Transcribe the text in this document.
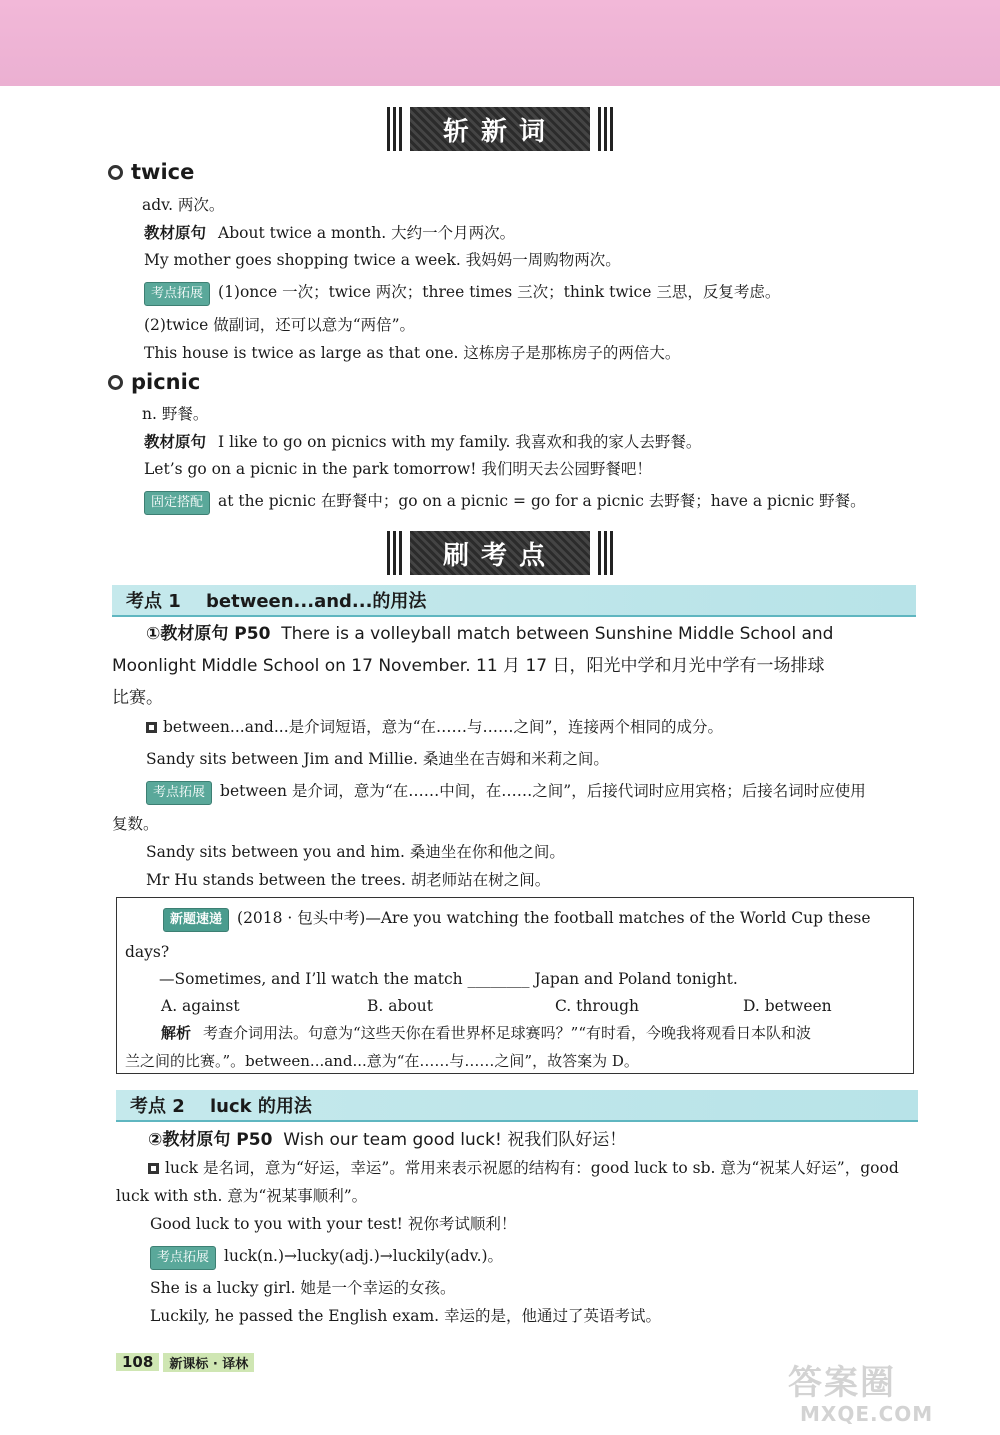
斩新词
twice
adv. 两次。
教材原句 About twice a month. 大约一个月两次。
My mother goes shopping twice a week. 我妈妈一周购物两次。
考点拓展 (1)once 一次；twice 两次；three times 三次；think twice 三思，反复考虑。
(2)twice 做副词，还可以意为“两倍”。
This house is twice as large as that one. 这栋房子是那栋房子的两倍大。
picnic
n. 野餐。
教材原句 I like to go on picnics with my family. 我喜欢和我的家人去野餐。
Let’s go on a picnic in the park tomorrow! 我们明天去公园野餐吧！
固定搭配 at the picnic 在野餐中；go on a picnic = go for a picnic 去野餐；have a picnic 野餐。
刷考点
考点 1	between...and...的用法
①教材原句 P50 There is a volleyball match between Sunshine Middle School and
Moonlight Middle School on 17 November. 11 月 17 日，阳光中学和月光中学有一场排球
比赛。
between...and...是介词短语，意为“在……与……之间”，连接两个相同的成分。
Sandy sits between Jim and Millie. 桑迪坐在吉姆和米莉之间。
考点拓展 between 是介词，意为“在……中间，在……之间”，后接代词时应用宾格；后接名词时应使用
复数。
Sandy sits between you and him. 桑迪坐在你和他之间。
Mr Hu stands between the trees. 胡老师站在树之间。
新题速递 (2018 · 包头中考)—Are you watching the football matches of the World Cup these
days?
—Sometimes, and I’ll watch the match ________ Japan and Poland tonight.
A. against	B. about	C. through	D. between
解析 考查介词用法。句意为“这些天你在看世界杯足球赛吗？”“有时看，今晚我将观看日本队和波
兰之间的比赛。”。between...and...意为“在……与……之间”，故答案为 D。
考点 2	luck 的用法
②教材原句 P50 Wish our team good luck! 祝我们队好运！
luck 是名词，意为“好运，幸运”。常用来表示祝愿的结构有：good luck to sb. 意为“祝某人好运”，good
luck with sth. 意为“祝某事顺利”。
Good luck to you with your test! 祝你考试顺利！
考点拓展 luck(n.)→lucky(adj.)→luckily(adv.)。
She is a lucky girl. 她是一个幸运的女孩。
Luckily, he passed the English exam. 幸运的是，他通过了英语考试。
108	新课标 · 译林	答案圈
MXQE.COM
